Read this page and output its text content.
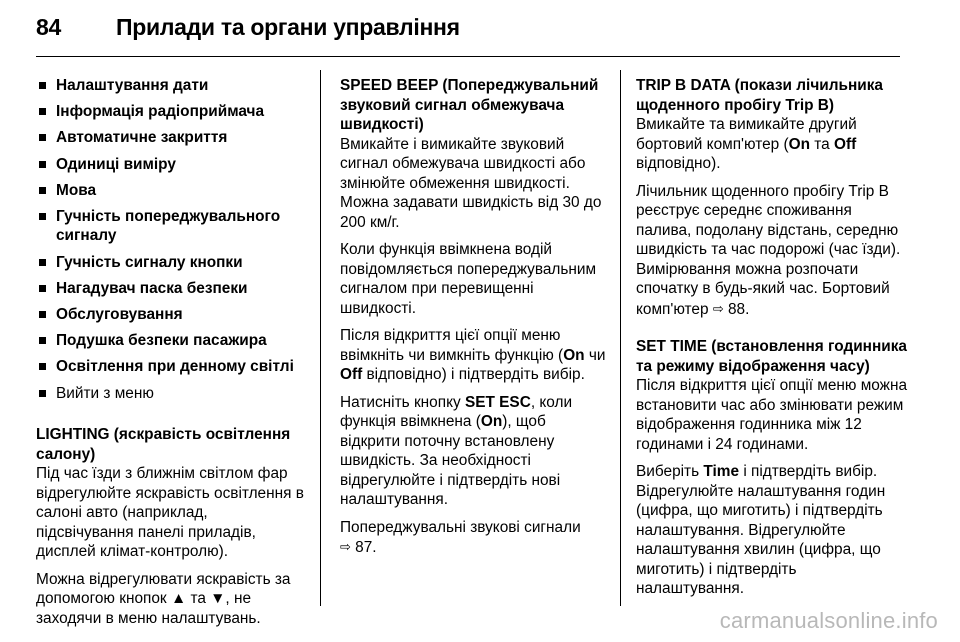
84 Прилади та органи управління
Налаштування дати
Інформація радіоприймача
Автоматичне закриття
Одиниці виміру
Мова
Гучність попереджувального сигналу
Гучність сигналу кнопки
Нагадувач паска безпеки
Обслуговування
Подушка безпеки пасажира
Освітлення при денному світлі
Вийти з меню

LIGHTING (яскравість освітлення салону)

Під час їзди з ближнім світлом фар відрегулюйте яскравість освітлення в салоні авто (наприклад, підсвічування панелі приладів, дисплей клімат-контролю).

Можна відрегулювати яскравість за допомогою кнопок ▲ та ▼, не заходячи в меню налаштувань.

SPEED BEEP (Попереджувальний звуковий сигнал обмежувача швидкості)

Вмикайте і вимикайте звуковий сигнал обмежувача швидкості або змінюйте обмеження швидкості. Можна задавати швидкість від 30 до 200 км/г.

Коли функція ввімкнена водій повідомляється попереджувальним сигналом при перевищенні швидкості.

Після відкриття цієї опції меню ввімкніть чи вимкніть функцію (On чи Off відповідно) і підтвердіть вибір.

Натисніть кнопку SET ESC, коли функція ввімкнена (On), щоб відкрити поточну встановлену швидкість. За необхідності відрегулюйте і підтвердіть нові налаштування.

Попереджувальні звукові сигнали
⇨ 87.

TRIP B DATA (покази лічильника щоденного пробігу Trip B)

Вмикайте та вимикайте другий бортовий комп'ютер (On та Off відповідно).

Лічильник щоденного пробігу Trip B реєструє середнє споживання палива, подолану відстань, середню швидкість та час подорожі (час їзди). Вимірювання можна розпочати спочатку в будь-який час. Бортовий комп'ютер ⇨ 88.

SET TIME (встановлення годинника та режиму відображення часу)

Після відкриття цієї опції меню можна встановити час або змінювати режим відображення годинника між 12 годинами і 24 годинами.

Виберіть Time і підтвердіть вибір. Відрегулюйте налаштування годин (цифра, що миготить) і підтвердіть налаштування. Відрегулюйте налаштування хвилин (цифра, що миготить) і підтвердіть налаштування.

carmanualsonline.info
